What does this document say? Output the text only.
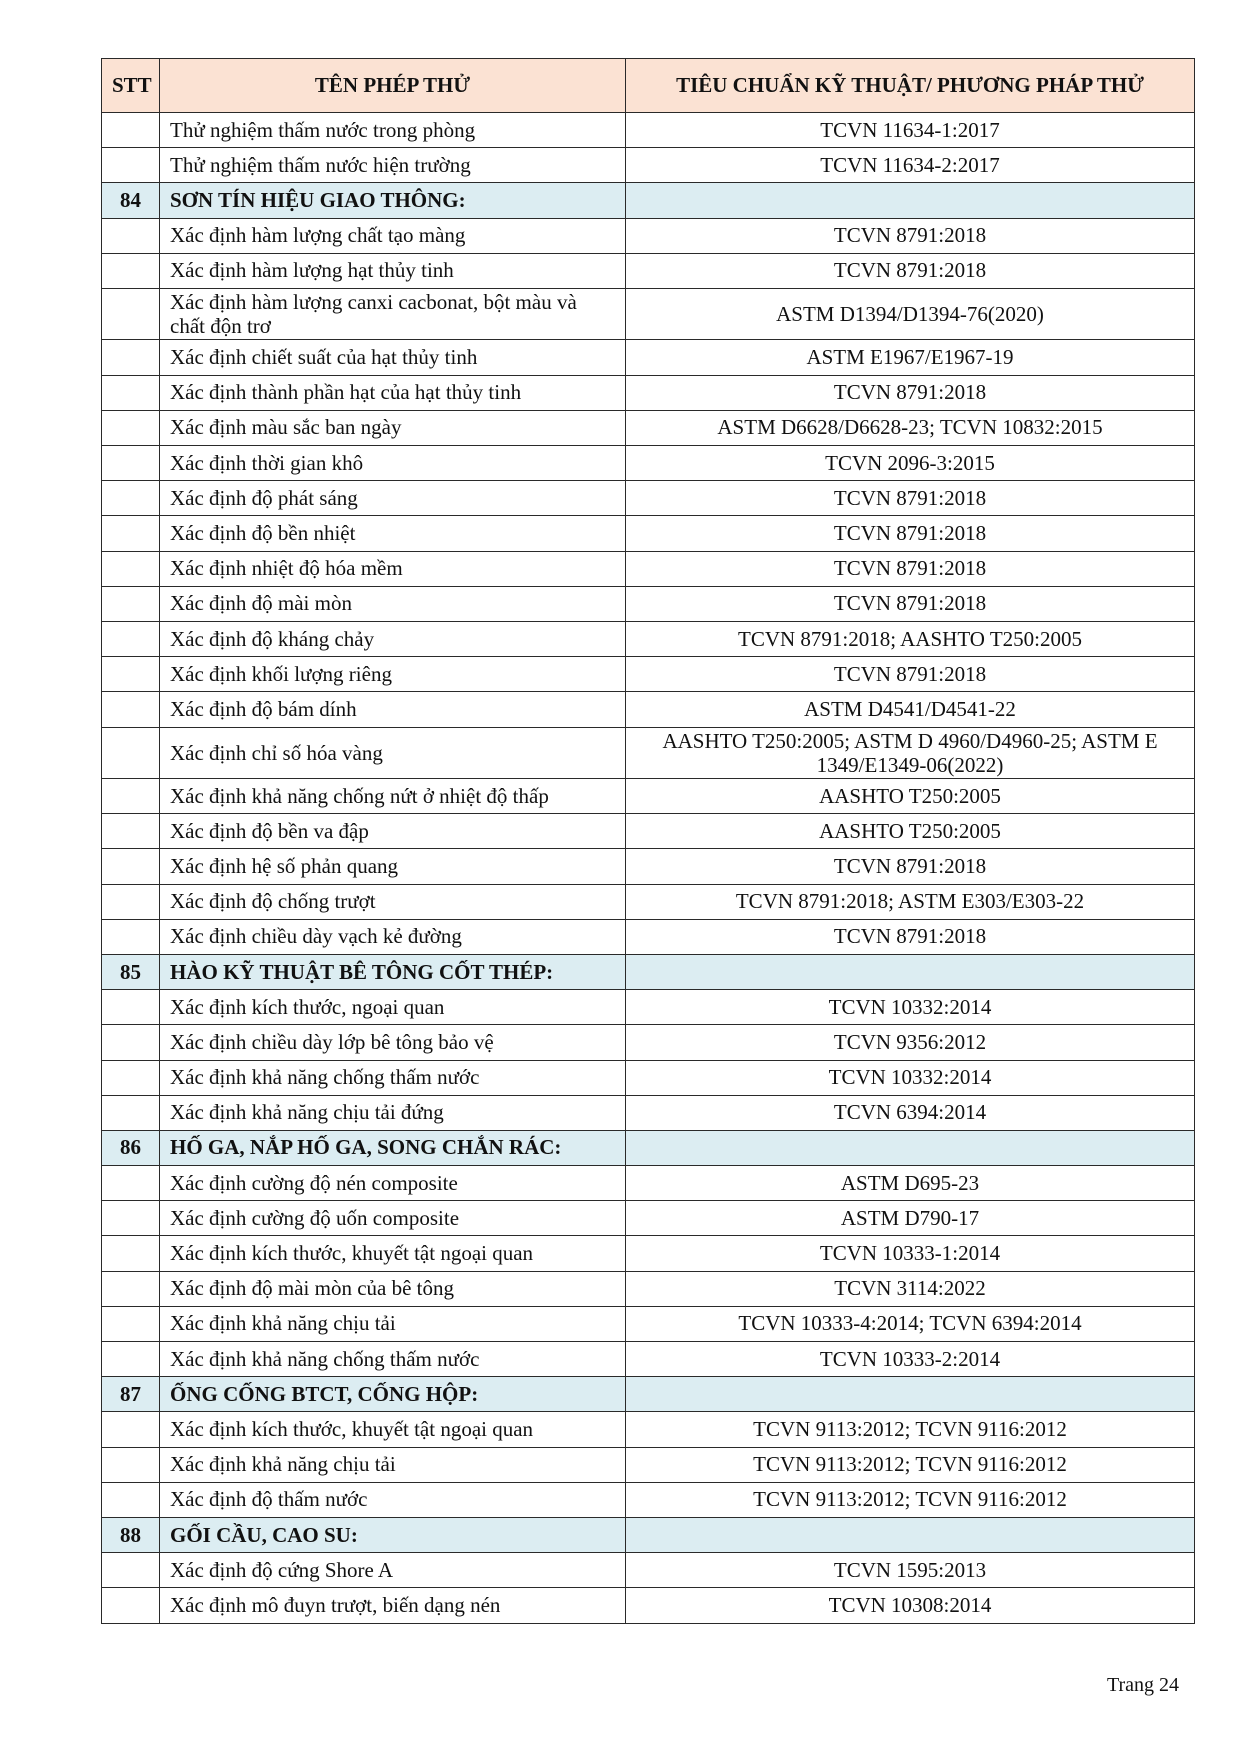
STT	TÊN PHÉP THỬ	TIÊU CHUẨN KỸ THUẬT/ PHƯƠNG PHÁP THỬ
	Thử nghiệm thấm nước trong phòng	TCVN 11634-1:2017
	Thử nghiệm thấm nước hiện trường	TCVN 11634-2:2017
84	SƠN TÍN HIỆU GIAO THÔNG:	
	Xác định hàm lượng chất tạo màng	TCVN 8791:2018
	Xác định hàm lượng hạt thủy tinh	TCVN 8791:2018
	Xác định hàm lượng canxi cacbonat, bột màu và chất độn trơ	ASTM D1394/D1394-76(2020)
	Xác định chiết suất của hạt thủy tinh	ASTM E1967/E1967-19
	Xác định thành phần hạt của hạt thủy tinh	TCVN 8791:2018
	Xác định màu sắc ban ngày	ASTM D6628/D6628-23; TCVN 10832:2015
	Xác định thời gian khô	TCVN 2096-3:2015
	Xác định độ phát sáng	TCVN 8791:2018
	Xác định độ bền nhiệt	TCVN 8791:2018
	Xác định nhiệt độ hóa mềm	TCVN 8791:2018
	Xác định độ mài mòn	TCVN 8791:2018
	Xác định độ kháng chảy	TCVN 8791:2018; AASHTO T250:2005
	Xác định khối lượng riêng	TCVN 8791:2018
	Xác định độ bám dính	ASTM D4541/D4541-22
	Xác định chỉ số hóa vàng	AASHTO T250:2005; ASTM D 4960/D4960-25; ASTM E 1349/E1349-06(2022)
	Xác định khả năng chống nứt ở nhiệt độ thấp	AASHTO T250:2005
	Xác định độ bền va đập	AASHTO T250:2005
	Xác định hệ số phản quang	TCVN 8791:2018
	Xác định độ chống trượt	TCVN 8791:2018; ASTM E303/E303-22
	Xác định chiều dày vạch kẻ đường	TCVN 8791:2018
85	HÀO KỸ THUẬT BÊ TÔNG CỐT THÉP:	
	Xác định kích thước, ngoại quan	TCVN 10332:2014
	Xác định chiều dày lớp bê tông bảo vệ	TCVN 9356:2012
	Xác định khả năng chống thấm nước	TCVN 10332:2014
	Xác định khả năng chịu tải đứng	TCVN 6394:2014
86	HỐ GA, NẮP HỐ GA, SONG CHẮN RÁC:	
	Xác định cường độ nén composite	ASTM D695-23
	Xác định cường độ uốn composite	ASTM D790-17
	Xác định kích thước, khuyết tật ngoại quan	TCVN 10333-1:2014
	Xác định độ mài mòn của bê tông	TCVN 3114:2022
	Xác định khả năng chịu tải	TCVN 10333-4:2014; TCVN 6394:2014
	Xác định khả năng chống thấm nước	TCVN 10333-2:2014
87	ỐNG CỐNG BTCT, CỐNG HỘP:	
	Xác định kích thước, khuyết tật ngoại quan	TCVN 9113:2012; TCVN 9116:2012
	Xác định khả năng chịu tải	TCVN 9113:2012; TCVN 9116:2012
	Xác định độ thấm nước	TCVN 9113:2012; TCVN 9116:2012
88	GỐI CẦU, CAO SU:	
	Xác định độ cứng Shore A	TCVN 1595:2013
	Xác định mô đuyn trượt, biến dạng nén	TCVN 10308:2014
Trang 24
